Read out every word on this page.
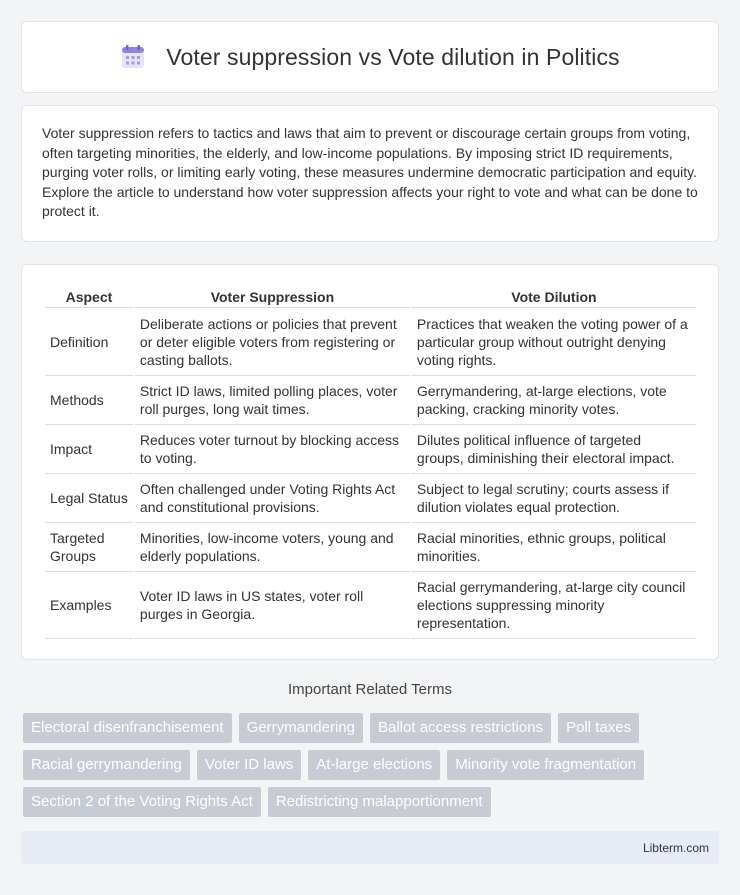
Voter suppression vs Vote dilution in Politics

Voter suppression refers to tactics and laws that aim to prevent or discourage certain groups from voting, often targeting minorities, the elderly, and low-income populations. By imposing strict ID requirements, purging voter rolls, or limiting early voting, these measures undermine democratic participation and equity. Explore the article to understand how voter suppression affects your right to vote and what can be done to protect it.

Aspect	Voter Suppression	Vote Dilution
Definition	Deliberate actions or policies that prevent or deter eligible voters from registering or casting ballots.	Practices that weaken the voting power of a particular group without outright denying voting rights.
Methods	Strict ID laws, limited polling places, voter roll purges, long wait times.	Gerrymandering, at-large elections, vote packing, cracking minority votes.
Impact	Reduces voter turnout by blocking access to voting.	Dilutes political influence of targeted groups, diminishing their electoral impact.
Legal Status	Often challenged under Voting Rights Act and constitutional provisions.	Subject to legal scrutiny; courts assess if dilution violates equal protection.
Targeted Groups	Minorities, low-income voters, young and elderly populations.	Racial minorities, ethnic groups, political minorities.
Examples	Voter ID laws in US states, voter roll purges in Georgia.	Racial gerrymandering, at-large city council elections suppressing minority representation.
Important Related Terms
Electoral disenfranchisement	Gerrymandering	Ballot access restrictions	Poll taxes
Racial gerrymandering	Voter ID laws	At-large elections	Minority vote fragmentation
Section 2 of the Voting Rights Act	Redistricting malapportionment
Libterm.com
